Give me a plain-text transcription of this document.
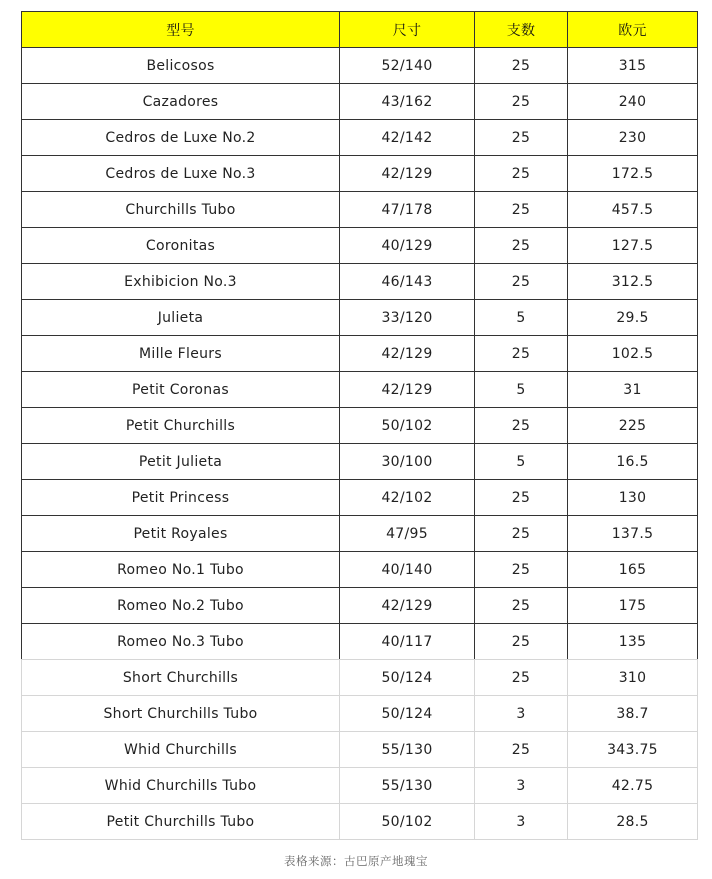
型号	尺寸	支数	欧元
Belicosos	52/140	25	315
Cazadores	43/162	25	240
Cedros de Luxe No.2	42/142	25	230
Cedros de Luxe No.3	42/129	25	172.5
Churchills Tubo	47/178	25	457.5
Coronitas	40/129	25	127.5
Exhibicion No.3	46/143	25	312.5
Julieta	33/120	5	29.5
Mille Fleurs	42/129	25	102.5
Petit Coronas	42/129	5	31
Petit Churchills	50/102	25	225
Petit Julieta	30/100	5	16.5
Petit Princess	42/102	25	130
Petit Royales	47/95	25	137.5
Romeo No.1 Tubo	40/140	25	165
Romeo No.2 Tubo	42/129	25	175
Romeo No.3 Tubo	40/117	25	135
Short Churchills	50/124	25	310
Short Churchills Tubo	50/124	3	38.7
Whid Churchills	55/130	25	343.75
Whid Churchills Tubo	55/130	3	42.75
Petit Churchills Tubo	50/102	3	28.5
表格来源：古巴原产地瑰宝
